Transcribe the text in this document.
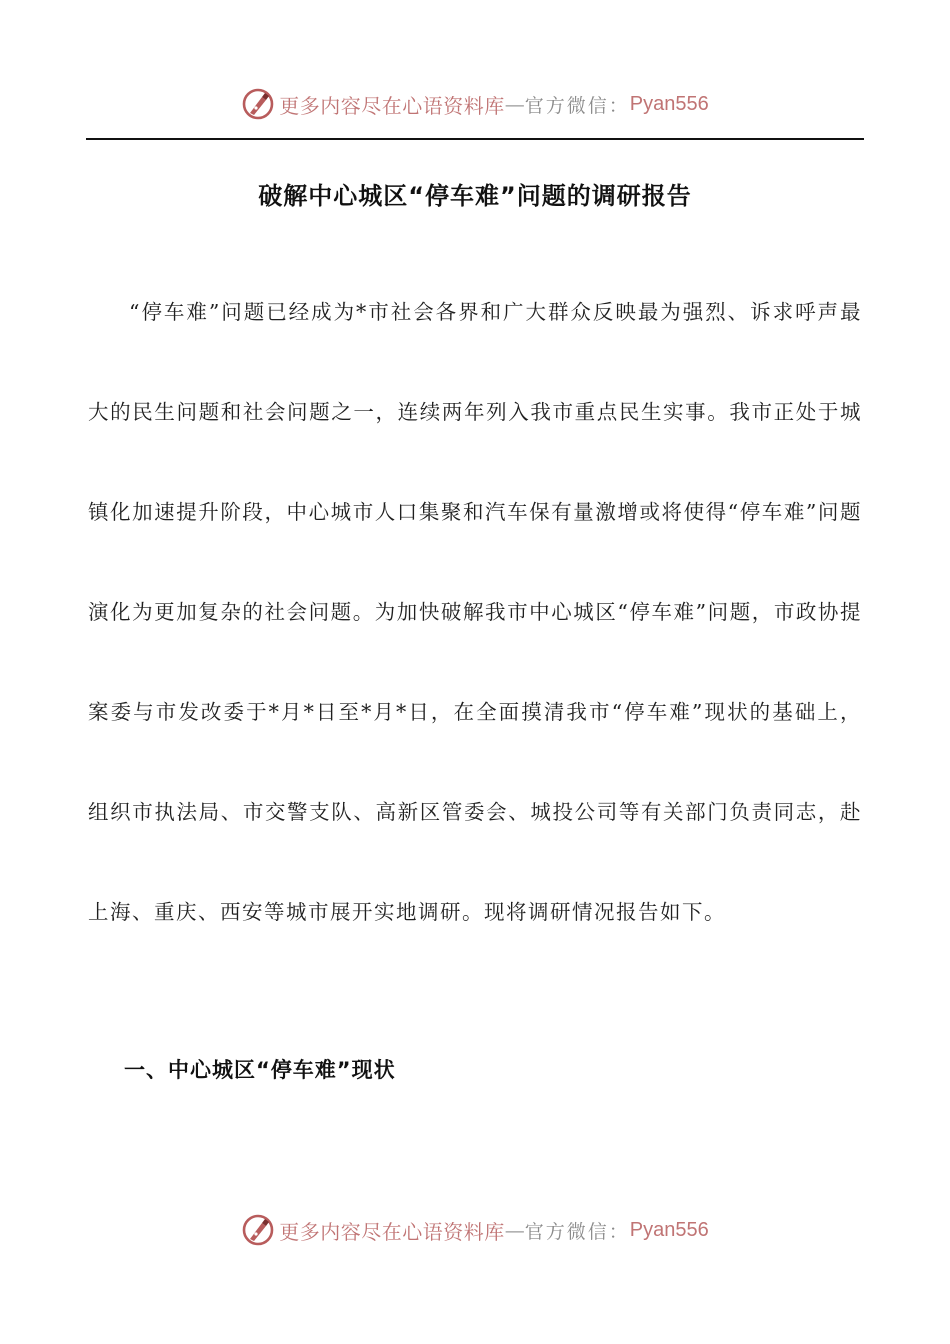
更多内容尽在心语资料库 — 官方微信： Pyan556
破解中心城区“停车难”问题的调研报告

“停车难”问题已经成为*市社会各界和广大群众反映最为强烈、诉求呼声最大的民生问题和社会问题之一，连续两年列入我市重点民生实事。我市正处于城镇化加速提升阶段，中心城市人口集聚和汽车保有量激增或将使得“停车难”问题演化为更加复杂的社会问题。为加快破解我市中心城区“停车难”问题，市政协提案委与市发改委于*月*日至*月*日，在全面摸清我市“停车难”现状的基础上，组织市执法局、市交警支队、高新区管委会、城投公司等有关部门负责同志，赴上海、重庆、西安等城市展开实地调研。现将调研情况报告如下。

一、中心城区“停车难”现状
更多内容尽在心语资料库 — 官方微信： Pyan556
